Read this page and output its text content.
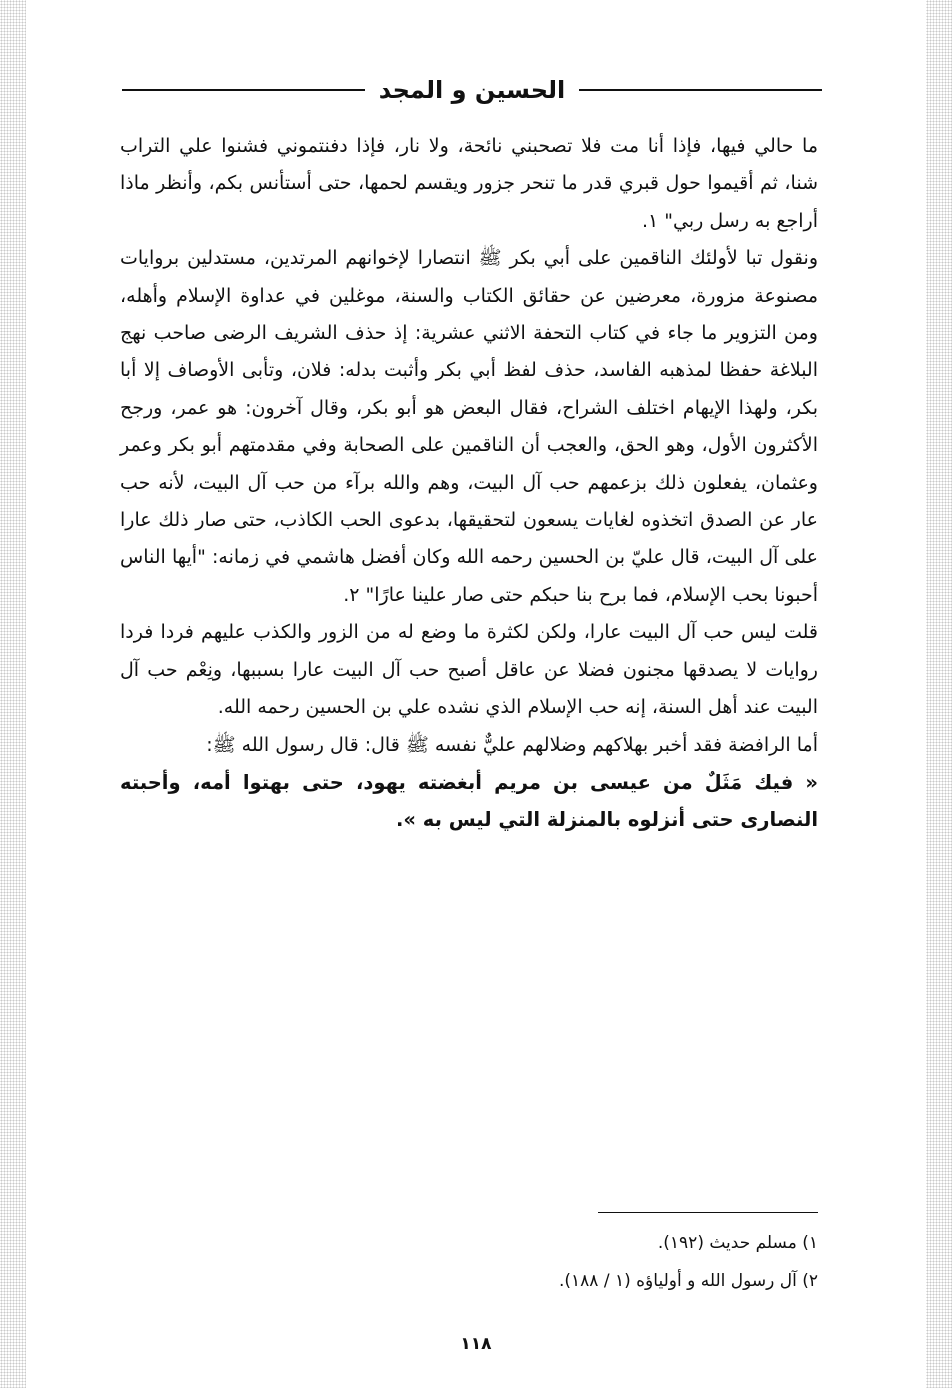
الحسين و المجد

ما حالي فيها، فإذا أنا مت فلا تصحبني نائحة، ولا نار، فإذا دفنتموني فشنوا علي التراب شنا، ثم أقيموا حول قبري قدر ما تنحر جزور ويقسم لحمها، حتى أستأنس بكم، وأنظر ماذا أراجع به رسل ربي" ١.

ونقول تبا لأولئك الناقمين على أبي بكر ﷺ انتصارا لإخوانهم المرتدين، مستدلين بروايات مصنوعة مزورة، معرضين عن حقائق الكتاب والسنة، موغلين في عداوة الإسلام وأهله، ومن التزوير ما جاء في كتاب التحفة الاثني عشرية: إذ حذف الشريف الرضى صاحب نهج البلاغة حفظا لمذهبه الفاسد، حذف لفظ أبي بكر وأثبت بدله: فلان، وتأبى الأوصاف إلا أبا بكر، ولهذا الإيهام اختلف الشراح، فقال البعض هو أبو بكر، وقال آخرون: هو عمر، ورجح الأكثرون الأول، وهو الحق، والعجب أن الناقمين على الصحابة وفي مقدمتهم أبو بكر وعمر وعثمان، يفعلون ذلك بزعمهم حب آل البيت، وهم والله برآء من حب آل البيت، لأنه حب عار عن الصدق اتخذوه لغايات يسعون لتحقيقها، بدعوى الحب الكاذب، حتى صار ذلك عارا على آل البيت، قال عليّ بن الحسين رحمه الله وكان أفضل هاشمي في زمانه: "أيها الناس أحبونا بحب الإسلام، فما برح بنا حبكم حتى صار علينا عارًا" ٢.

قلت ليس حب آل البيت عارا، ولكن لكثرة ما وضع له من الزور والكذب عليهم فردا فردا روايات لا يصدقها مجنون فضلا عن عاقل أصبح حب آل البيت عارا بسببها، ونِعْم حب آل البيت عند أهل السنة، إنه حب الإسلام الذي نشده علي بن الحسين رحمه الله.

أما الرافضة فقد أخبر بهلاكهم وضلالهم عليٌّ نفسه ﷺ قال: قال رسول الله ﷺ:

« فيك مَثَلٌ من عيسى بن مريم أبغضته يهود، حتى بهتوا أمه، وأحبته النصارى حتى أنزلوه بالمنزلة التي ليس به ».

١) مسلم حديث (١٩٢).

٢) آل رسول الله و أولياؤه (١ / ١٨٨).

١١٨
